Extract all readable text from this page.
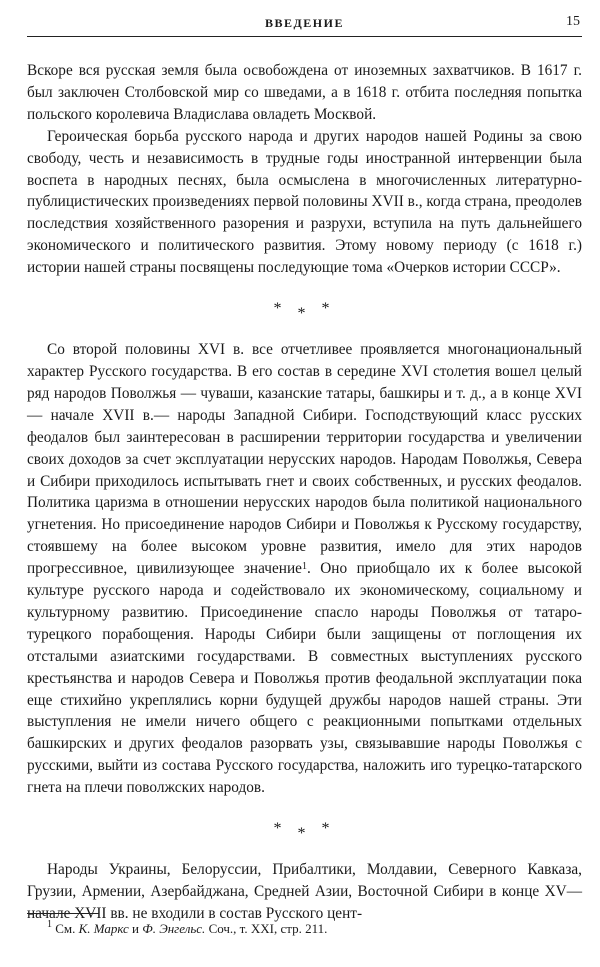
ВВЕДЕНИЕ	15

Вскоре вся русская земля была освобождена от иноземных захватчиков. В 1617 г. был заключен Столбовской мир со шведами, а в 1618 г. отбита последняя попытка польского королевича Владислава овладеть Москвой.

Героическая борьба русского народа и других народов нашей Родины за свою свободу, честь и независимость в трудные годы иностранной интервенции была воспета в народных песнях, была осмыслена в многочисленных литературно-публицистических произведениях первой половины XVII в., когда страна, преодолев последствия хозяйственного разорения и разрухи, вступила на путь дальнейшего экономического и политического развития. Этому новому периоду (с 1618 г.) истории нашей страны посвящены последующие тома «Очерков истории СССР».

* * *

Со второй половины XVI в. все отчетливее проявляется многонациональный характер Русского государства. В его состав в середине XVI столетия вошел целый ряд народов Поволжья — чуваши, казанские татары, башкиры и т. д., а в конце XVI — начале XVII в.— народы Западной Сибири. Господствующий класс русских феодалов был заинтересован в расширении территории государства и увеличении своих доходов за счет эксплуатации нерусских народов. Народам Поволжья, Севера и Сибири приходилось испытывать гнет и своих собственных, и русских феодалов. Политика царизма в отношении нерусских народов была политикой национального угнетения. Но присоединение народов Сибири и Поволжья к Русскому государству, стоявшему на более высоком уровне развития, имело для этих народов прогрессивное, цивилизующее значение$^1$. Оно приобщало их к более высокой культуре русского народа и содействовало их экономическому, социальному и культурному развитию. Присоединение спасло народы Поволжья от татаро-турецкого порабощения. Народы Сибири были защищены от поглощения их отсталыми азиатскими государствами. В совместных выступлениях русского крестьянства и народов Севера и Поволжья против феодальной эксплуатации пока еще стихийно укреплялись корни будущей дружбы народов нашей страны. Эти выступления не имели ничего общего с реакционными попытками отдельных башкирских и других феодалов разорвать узы, связывавшие народы Поволжья с русскими, выйти из состава Русского государства, наложить иго турецко-татарского гнета на плечи поволжских народов.

* * *

Народы Украины, Белоруссии, Прибалтики, Молдавии, Северного Кавказа, Грузии, Армении, Азербайджана, Средней Азии, Восточной Сибири в конце XV—начале XVII вв. не входили в состав Русского цент-

$^1$ См. К. Маркс и Ф. Энгельс. Соч., т. XXI, стр. 211.
